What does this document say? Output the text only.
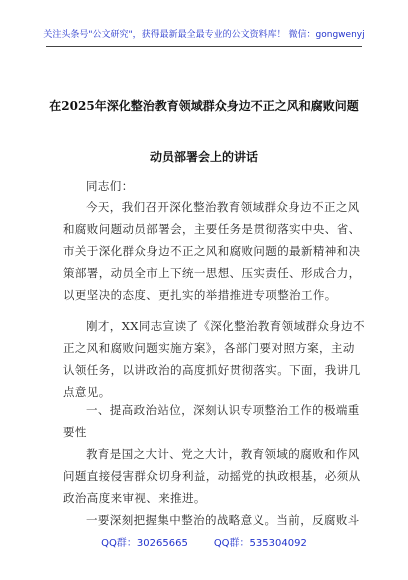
关注头条号"公文研究"，获得最新最全最专业的公文资料库！ 微信：gongwenyj
在2025年深化整治教育领域群众身边不正之风和腐败问题
动员部署会上的讲话
同志们：
今天，我们召开深化整治教育领域群众身边不正之风
和腐败问题动员部署会，主要任务是贯彻落实中央、省、
市关于深化群众身边不正之风和腐败问题的最新精神和决
策部署，动员全市上下统一思想、压实责任、形成合力，
以更坚决的态度、更扎实的举措推进专项整治工作。
刚才，XX同志宣读了《深化整治教育领域群众身边不
正之风和腐败问题实施方案》，各部门要对照方案，主动
认领任务，以讲政治的高度抓好贯彻落实。下面，我讲几
点意见。
一、提高政治站位，深刻认识专项整治工作的极端重
要性
教育是国之大计、党之大计，教育领域的腐败和作风
问题直接侵害群众切身利益，动摇党的执政根基，必须从
政治高度来审视、来推进。
QQ群：30265665	QQ群：535304092
一要深刻把握集中整治的战略意义。当前，反腐败斗
